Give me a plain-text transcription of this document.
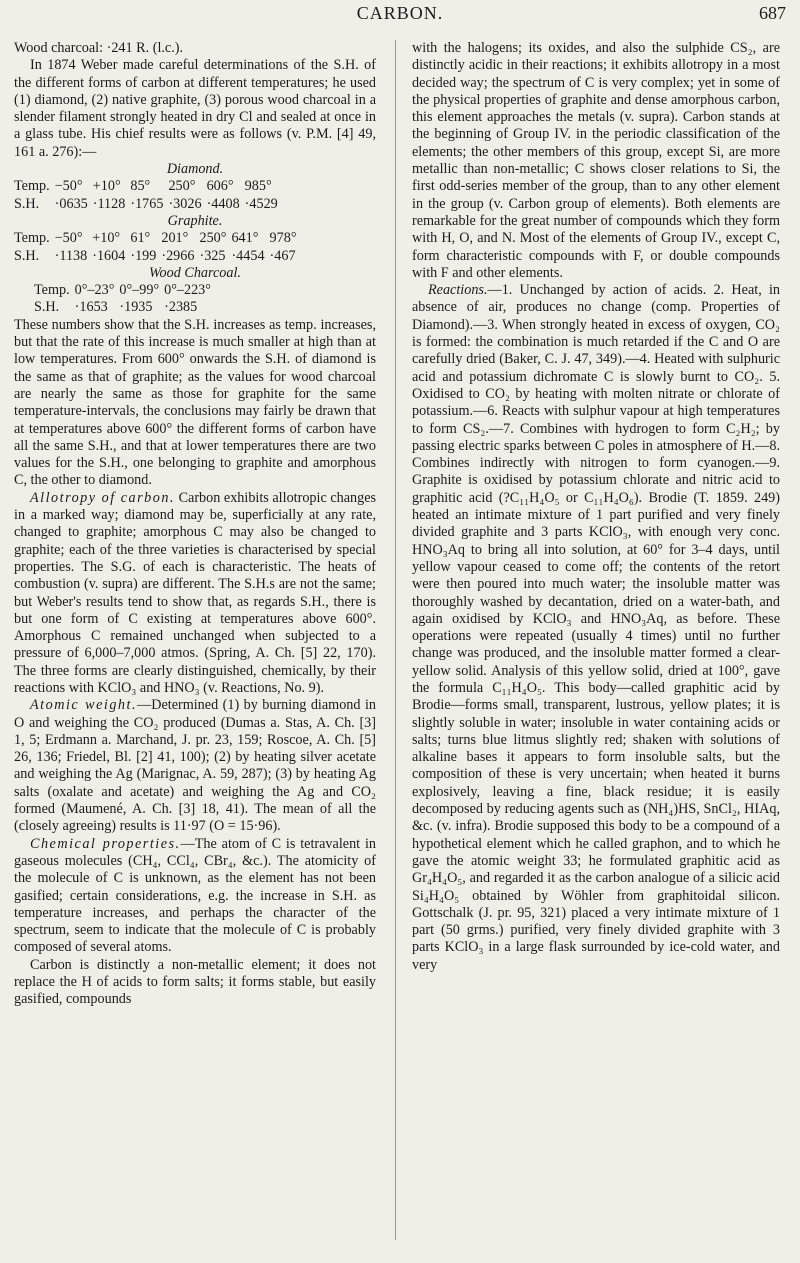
CARBON.	687

Wood charcoal: ·241 R. (l.c.).

In 1874 Weber made careful determinations of the S.H. of the different forms of carbon at different temperatures; he used (1) diamond, (2) native graphite, (3) porous wood charcoal in a slender filament strongly heated in dry Cl and sealed at once in a glass tube. His chief results were as follows (v. P.M. [4] 49, 161 a. 276):—

Diamond.

Temp.	−50°	+10°	85°	250°	606°	985°
S.H.	·0635	·1128	·1765	·3026	·4408	·4529

Graphite.

Temp.	−50°	+10°	61°	201°	250°	641°	978°
S.H.	·1138	·1604	·199	·2966	·325	·4454	·467

Wood Charcoal.

Temp.	0°–23°	0°–99°	0°–223°
S.H.	·1653	·1935	·2385

These numbers show that the S.H. increases as temp. increases, but that the rate of this increase is much smaller at high than at low temperatures. From 600° onwards the S.H. of diamond is the same as that of graphite; as the values for wood charcoal are nearly the same as those for graphite for the same temperature-intervals, the conclusions may fairly be drawn that at temperatures above 600° the different forms of carbon have all the same S.H., and that at lower temperatures there are two values for the S.H., one belonging to graphite and amorphous C, the other to diamond.

Allotropy of carbon. Carbon exhibits allotropic changes in a marked way; diamond may be, superficially at any rate, changed to graphite; amorphous C may also be changed to graphite; each of the three varieties is characterised by special properties. The S.G. of each is characteristic. The heats of combustion (v. supra) are different. The S.H.s are not the same; but Weber's results tend to show that, as regards S.H., there is but one form of C existing at temperatures above 600°. Amorphous C remained unchanged when subjected to a pressure of 6,000–7,000 atmos. (Spring, A. Ch. [5] 22, 170). The three forms are clearly distinguished, chemically, by their reactions with KClO₃ and HNO₃ (v. Reactions, No. 9).

Atomic weight.—Determined (1) by burning diamond in O and weighing the CO₂ produced (Dumas a. Stas, A. Ch. [3] 1, 5; Erdmann a. Marchand, J. pr. 23, 159; Roscoe, A. Ch. [5] 26, 136; Friedel, Bl. [2] 41, 100); (2) by heating silver acetate and weighing the Ag (Marignac, A. 59, 287); (3) by heating Ag salts (oxalate and acetate) and weighing the Ag and CO₂ formed (Maumené, A. Ch. [3] 18, 41). The mean of all the (closely agreeing) results is 11·97 (O = 15·96).

Chemical properties.—The atom of C is tetravalent in gaseous molecules (CH₄, CCl₄, CBr₄, &c.). The atomicity of the molecule of C is unknown, as the element has not been gasified; certain considerations, e.g. the increase in S.H. as temperature increases, and perhaps the character of the spectrum, seem to indicate that the molecule of C is probably composed of several atoms.

Carbon is distinctly a non-metallic element; it does not replace the H of acids to form salts; it forms stable, but easily gasified, compounds

with the halogens; its oxides, and also the sulphide CS₂, are distinctly acidic in their reactions; it exhibits allotropy in a most decided way; the spectrum of C is very complex; yet in some of the physical properties of graphite and dense amorphous carbon, this element approaches the metals (v. supra). Carbon stands at the beginning of Group IV. in the periodic classification of the elements; the other members of this group, except Si, are more metallic than non-metallic; C shows closer relations to Si, the first odd-series member of the group, than to any other element in the group (v. Carbon group of elements). Both elements are remarkable for the great number of compounds which they form with H, O, and N. Most of the elements of Group IV., except C, form characteristic compounds with F, or double compounds with F and other elements.

Reactions.—1. Unchanged by action of acids. 2. Heat, in absence of air, produces no change (comp. Properties of Diamond).—3. When strongly heated in excess of oxygen, CO₂ is formed: the combination is much retarded if the C and O are carefully dried (Baker, C. J. 47, 349).—4. Heated with sulphuric acid and potassium dichromate C is slowly burnt to CO₂. 5. Oxidised to CO₂ by heating with molten nitrate or chlorate of potassium.—6. Reacts with sulphur vapour at high temperatures to form CS₂.—7. Combines with hydrogen to form C₂H₂; by passing electric sparks between C poles in atmosphere of H.—8. Combines indirectly with nitrogen to form cyanogen.—9. Graphite is oxidised by potassium chlorate and nitric acid to graphitic acid (?C₁₁H₄O₅ or C₁₁H₄O₆). Brodie (T. 1859. 249) heated an intimate mixture of 1 part purified and very finely divided graphite and 3 parts KClO₃, with enough very conc. HNO₃Aq to bring all into solution, at 60° for 3–4 days, until yellow vapour ceased to come off; the contents of the retort were then poured into much water; the insoluble matter was thoroughly washed by decantation, dried on a water-bath, and again oxidised by KClO₃ and HNO₃Aq, as before. These operations were repeated (usually 4 times) until no further change was produced, and the insoluble matter formed a clear-yellow solid. Analysis of this yellow solid, dried at 100°, gave the formula C₁₁H₄O₅. This body—called graphitic acid by Brodie—forms small, transparent, lustrous, yellow plates; it is slightly soluble in water; insoluble in water containing acids or salts; turns blue litmus slightly red; shaken with solutions of alkaline bases it appears to form insoluble salts, but the composition of these is very uncertain; when heated it burns explosively, leaving a fine, black residue; it is easily decomposed by reducing agents such as (NH₄)HS, SnCl₂, HIAq, &c. (v. infra). Brodie supposed this body to be a compound of a hypothetical element which he called graphon, and to which he gave the atomic weight 33; he formulated graphitic acid as Gr₄H₄O₅, and regarded it as the carbon analogue of a silicic acid Si₄H₄O₅ obtained by Wöhler from graphitoidal silicon. Gottschalk (J. pr. 95, 321) placed a very intimate mixture of 1 part (50 grms.) purified, very finely divided graphite with 3 parts KClO₃ in a large flask surrounded by ice-cold water, and very
